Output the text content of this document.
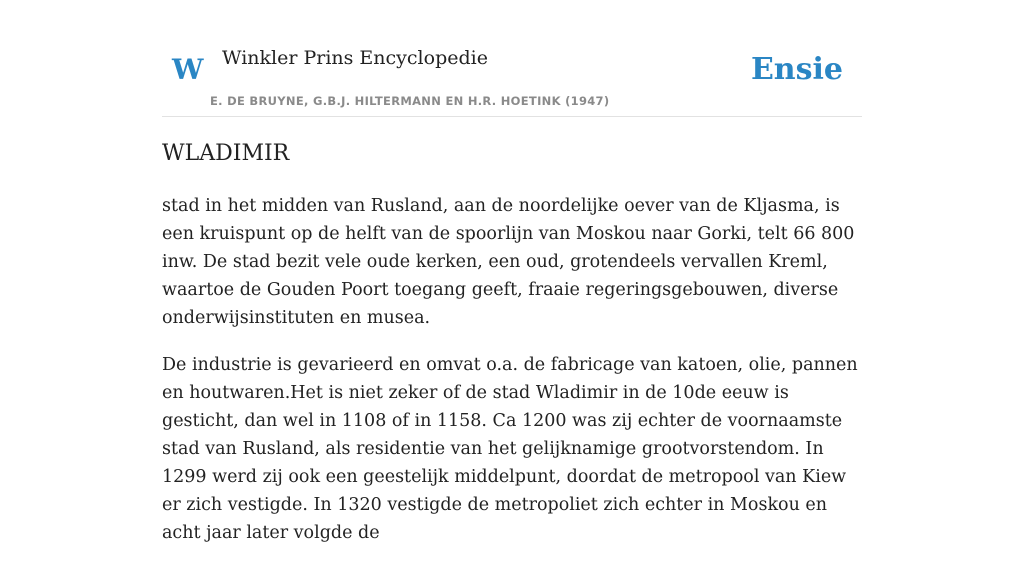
W Winkler Prins Encyclopedie
E. DE BRUYNE, G.B.J. HILTERMANN EN H.R. HOETINK (1947)
Ensie
WLADIMIR

stad in het midden van Rusland, aan de noordelijke oever van de Kljasma, is een kruispunt op de helft van de spoorlijn van Moskou naar Gorki, telt 66 800 inw. De stad bezit vele oude kerken, een oud, grotendeels vervallen Kreml, waartoe de Gouden Poort toegang geeft, fraaie regeringsgebouwen, diverse onderwijsinstituten en musea.

De industrie is gevarieerd en omvat o.a. de fabricage van katoen, olie, pannen en houtwaren.Het is niet zeker of de stad Wladimir in de 10de eeuw is gesticht, dan wel in 1108 of in 1158. Ca 1200 was zij echter de voornaamste stad van Rusland, als residentie van het gelijknamige grootvorstendom. In 1299 werd zij ook een geestelijk middelpunt, doordat de metropool van Kiew er zich vestigde. In 1320 vestigde de metropoliet zich echter in Moskou en acht jaar later volgde de
